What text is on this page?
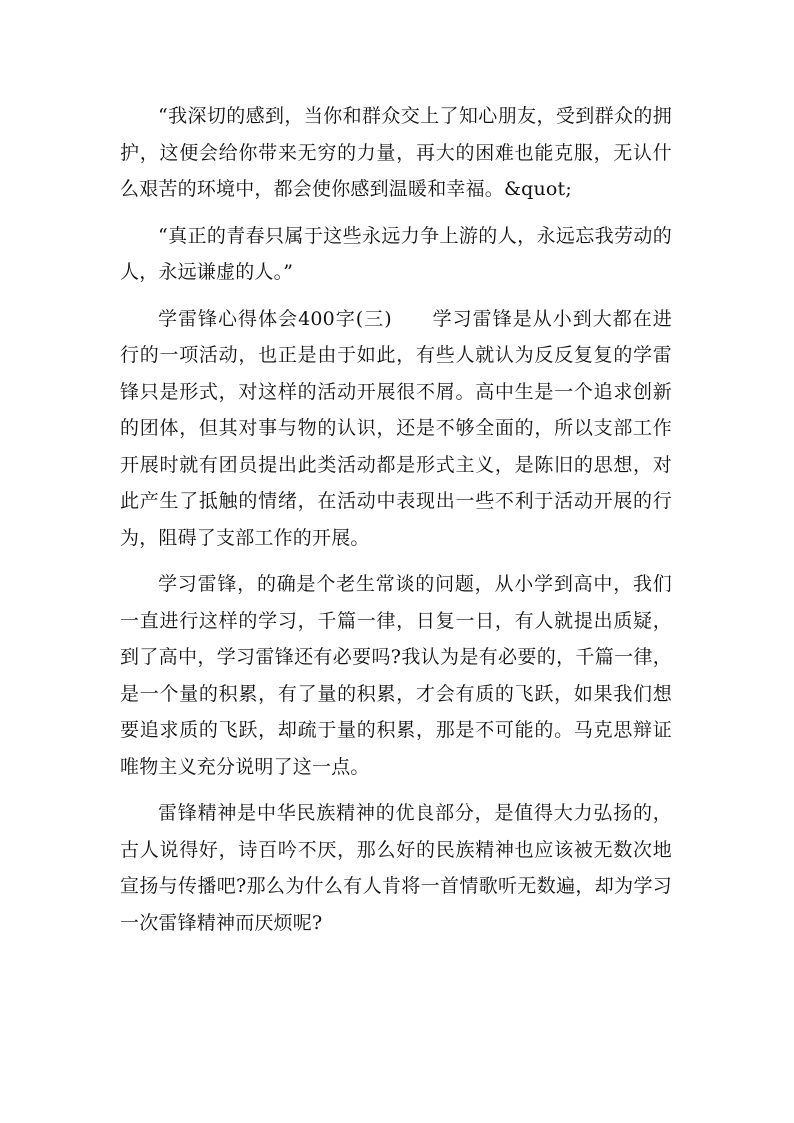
“我深切的感到，当你和群众交上了知心朋友，受到群众的拥护，这便会给你带来无穷的力量，再大的困难也能克服，无认什么艰苦的环境中，都会使你感到温暖和幸福。&quot;

“真正的青春只属于这些永远力争上游的人，永远忘我劳动的人，永远谦虚的人。”

学雷锋心得体会400字(三) 学习雷锋是从小到大都在进行的一项活动，也正是由于如此，有些人就认为反反复复的学雷锋只是形式，对这样的活动开展很不屑。高中生是一个追求创新的团体，但其对事与物的认识，还是不够全面的，所以支部工作开展时就有团员提出此类活动都是形式主义，是陈旧的思想，对此产生了抵触的情绪，在活动中表现出一些不利于活动开展的行为，阻碍了支部工作的开展。

学习雷锋，的确是个老生常谈的问题，从小学到高中，我们一直进行这样的学习，千篇一律，日复一日，有人就提出质疑，到了高中，学习雷锋还有必要吗?我认为是有必要的，千篇一律，是一个量的积累，有了量的积累，才会有质的飞跃，如果我们想要追求质的飞跃，却疏于量的积累，那是不可能的。马克思辩证唯物主义充分说明了这一点。

雷锋精神是中华民族精神的优良部分，是值得大力弘扬的，古人说得好，诗百吟不厌，那么好的民族精神也应该被无数次地宣扬与传播吧?那么为什么有人肯将一首情歌听无数遍，却为学习一次雷锋精神而厌烦呢?
